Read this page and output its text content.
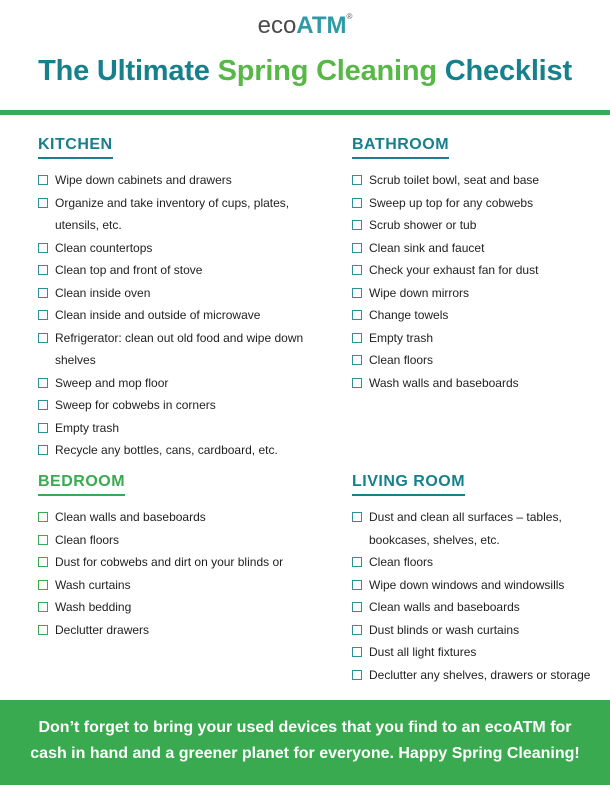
ecoATM®
The Ultimate Spring Cleaning Checklist
KITCHEN
Wipe down cabinets and drawers
Organize and take inventory of cups, plates, utensils, etc.
Clean countertops
Clean top and front of stove
Clean inside oven
Clean inside and outside of microwave
Refrigerator: clean out old food and wipe down shelves
Sweep and mop floor
Sweep for cobwebs in corners
Empty trash
Recycle any bottles, cans, cardboard, etc.
BATHROOM
Scrub toilet bowl, seat and base
Sweep up top for any cobwebs
Scrub shower or tub
Clean sink and faucet
Check your exhaust fan for dust
Wipe down mirrors
Change towels
Empty trash
Clean floors
Wash walls and baseboards
BEDROOM
Clean walls and baseboards
Clean floors
Dust for cobwebs and dirt on your blinds or
Wash curtains
Wash bedding
Declutter drawers
LIVING ROOM
Dust and clean all surfaces – tables, bookcases, shelves, etc.
Clean floors
Wipe down windows and windowsills
Clean walls and baseboards
Dust blinds or wash curtains
Dust all light fixtures
Declutter any shelves, drawers or storage
Don’t forget to bring your used devices that you find to an ecoATM for
cash in hand and a greener planet for everyone. Happy Spring Cleaning!
